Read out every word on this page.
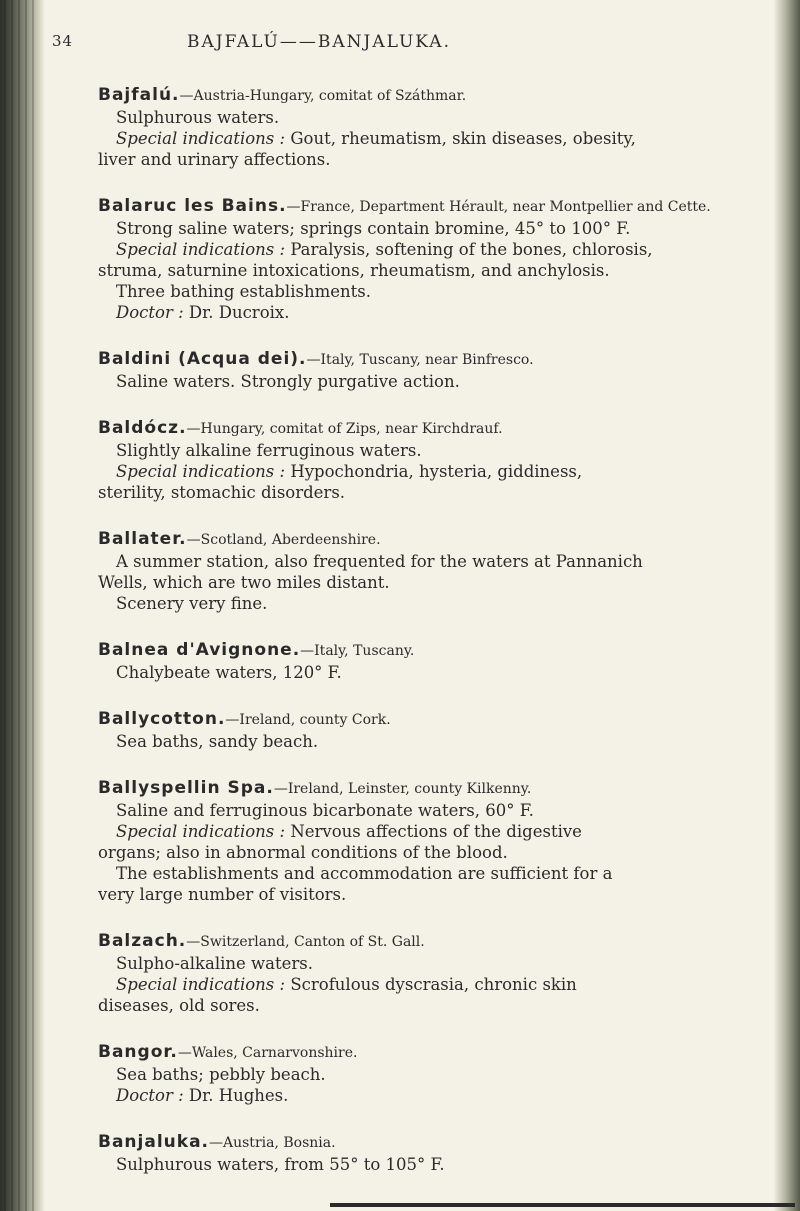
34	BAJFALÚ——BANJALUKA.
Bajfalú.—Austria-Hungary, comitat of Száthmar.
Sulphurous waters.
Special indications : Gout, rheumatism, skin diseases, obesity,
liver and urinary affections.
Balaruc les Bains.—France, Department Hérault, near Montpellier and Cette.
Strong saline waters; springs contain bromine, 45° to 100° F.
Special indications : Paralysis, softening of the bones, chlorosis,
struma, saturnine intoxications, rheumatism, and anchylosis.
Three bathing establishments.
Doctor : Dr. Ducroix.
Baldini (Acqua dei).—Italy, Tuscany, near Binfresco.
Saline waters. Strongly purgative action.
Baldócz.—Hungary, comitat of Zips, near Kirchdrauf.
Slightly alkaline ferruginous waters.
Special indications : Hypochondria, hysteria, giddiness,
sterility, stomachic disorders.
Ballater.—Scotland, Aberdeenshire.
A summer station, also frequented for the waters at Pannanich
Wells, which are two miles distant.
Scenery very fine.
Balnea d'Avignone.—Italy, Tuscany.
Chalybeate waters, 120° F.
Ballycotton.—Ireland, county Cork.
Sea baths, sandy beach.
Ballyspellin Spa.—Ireland, Leinster, county Kilkenny.
Saline and ferruginous bicarbonate waters, 60° F.
Special indications : Nervous affections of the digestive
organs; also in abnormal conditions of the blood.
The establishments and accommodation are sufficient for a
very large number of visitors.
Balzach.—Switzerland, Canton of St. Gall.
Sulpho-alkaline waters.
Special indications : Scrofulous dyscrasia, chronic skin
diseases, old sores.
Bangor.—Wales, Carnarvonshire.
Sea baths; pebbly beach.
Doctor : Dr. Hughes.
Banjaluka.—Austria, Bosnia.
Sulphurous waters, from 55° to 105° F.
